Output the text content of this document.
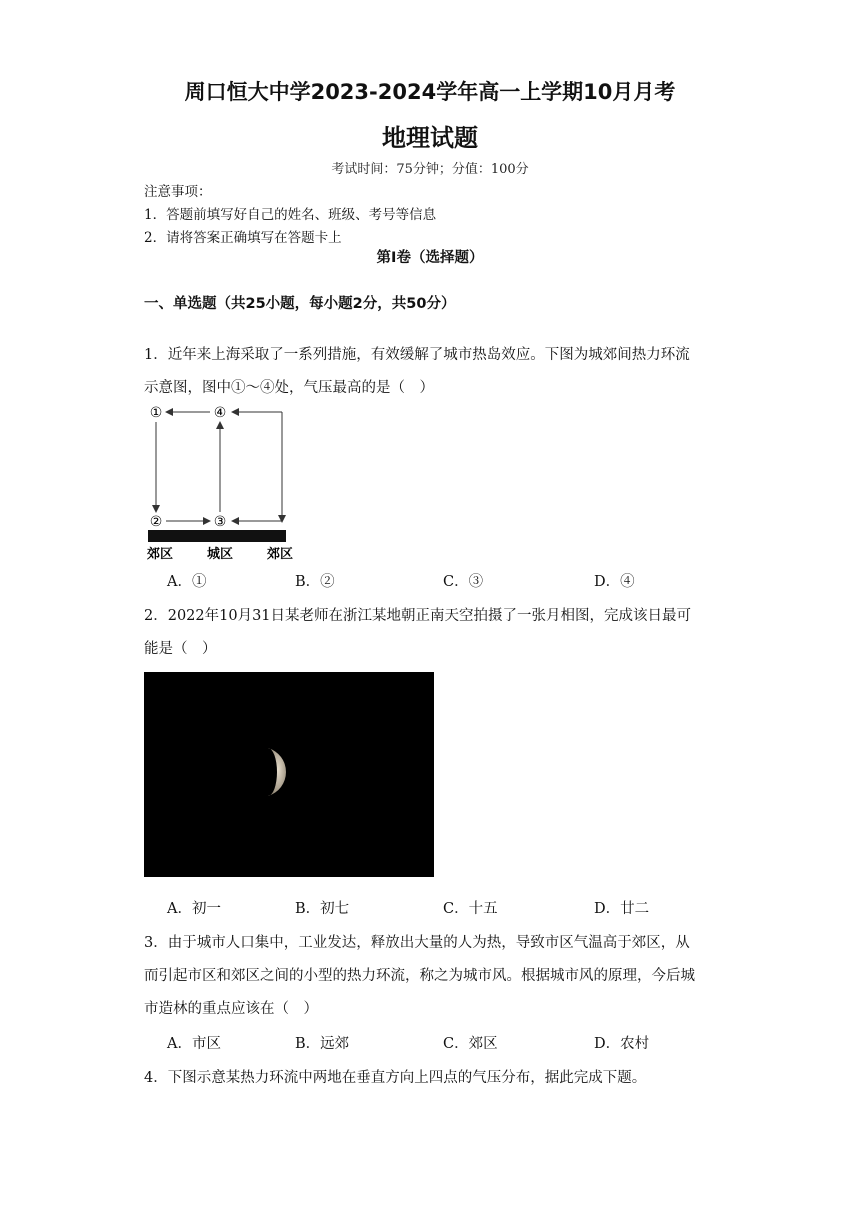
周口恒大中学2023-2024学年高一上学期10月月考
地理试题
考试时间：75分钟；分值：100分
注意事项：
1．答题前填写好自己的姓名、班级、考号等信息
2．请将答案正确填写在答题卡上
第Ⅰ卷（选择题）
一、单选题（共25小题，每小题2分，共50分）
1．近年来上海采取了一系列措施，有效缓解了城市热岛效应。下图为城郊间热力环流
示意图，图中①～④处，气压最高的是（　）
①	④
②	③
郊区	城区	郊区
A．①	B．②	C．③	D．④
2．2022年10月31日某老师在浙江某地朝正南天空拍摄了一张月相图，完成该日最可
能是（　）
A．初一	B．初七	C．十五	D．廿二
3．由于城市人口集中，工业发达，释放出大量的人为热，导致市区气温高于郊区，从
而引起市区和郊区之间的小型的热力环流，称之为城市风。根据城市风的原理，今后城
市造林的重点应该在（　）
A．市区	B．远郊	C．郊区	D．农村
4．下图示意某热力环流中两地在垂直方向上四点的气压分布，据此完成下题。
